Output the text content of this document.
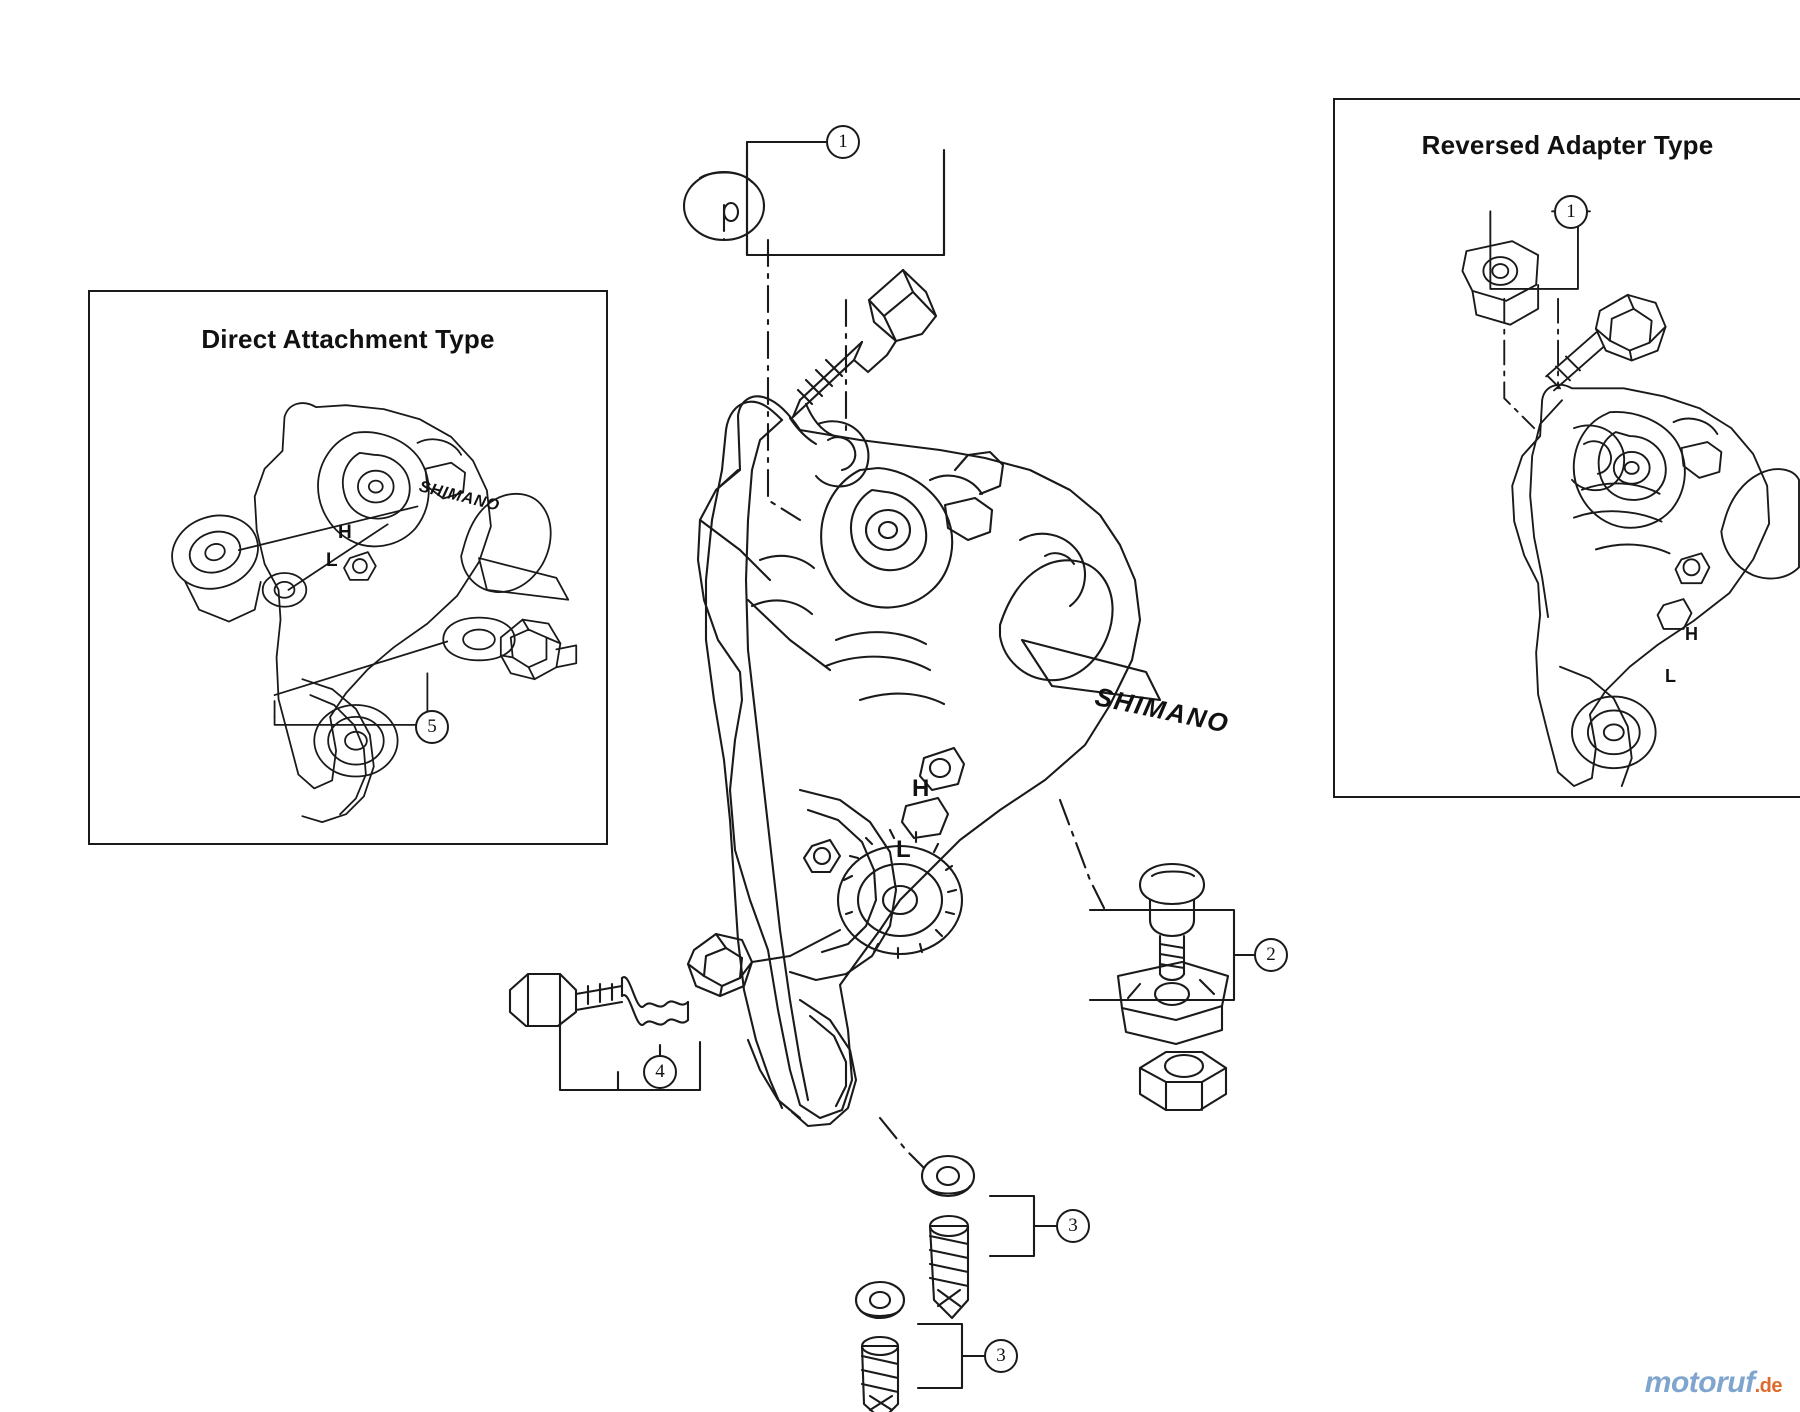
Direct Attachment Type
5
H
L
SHIMANO
Reversed Adapter Type
1
H
L
1
2
3
3
4
SHIMANO
H
L
motoruf.de
